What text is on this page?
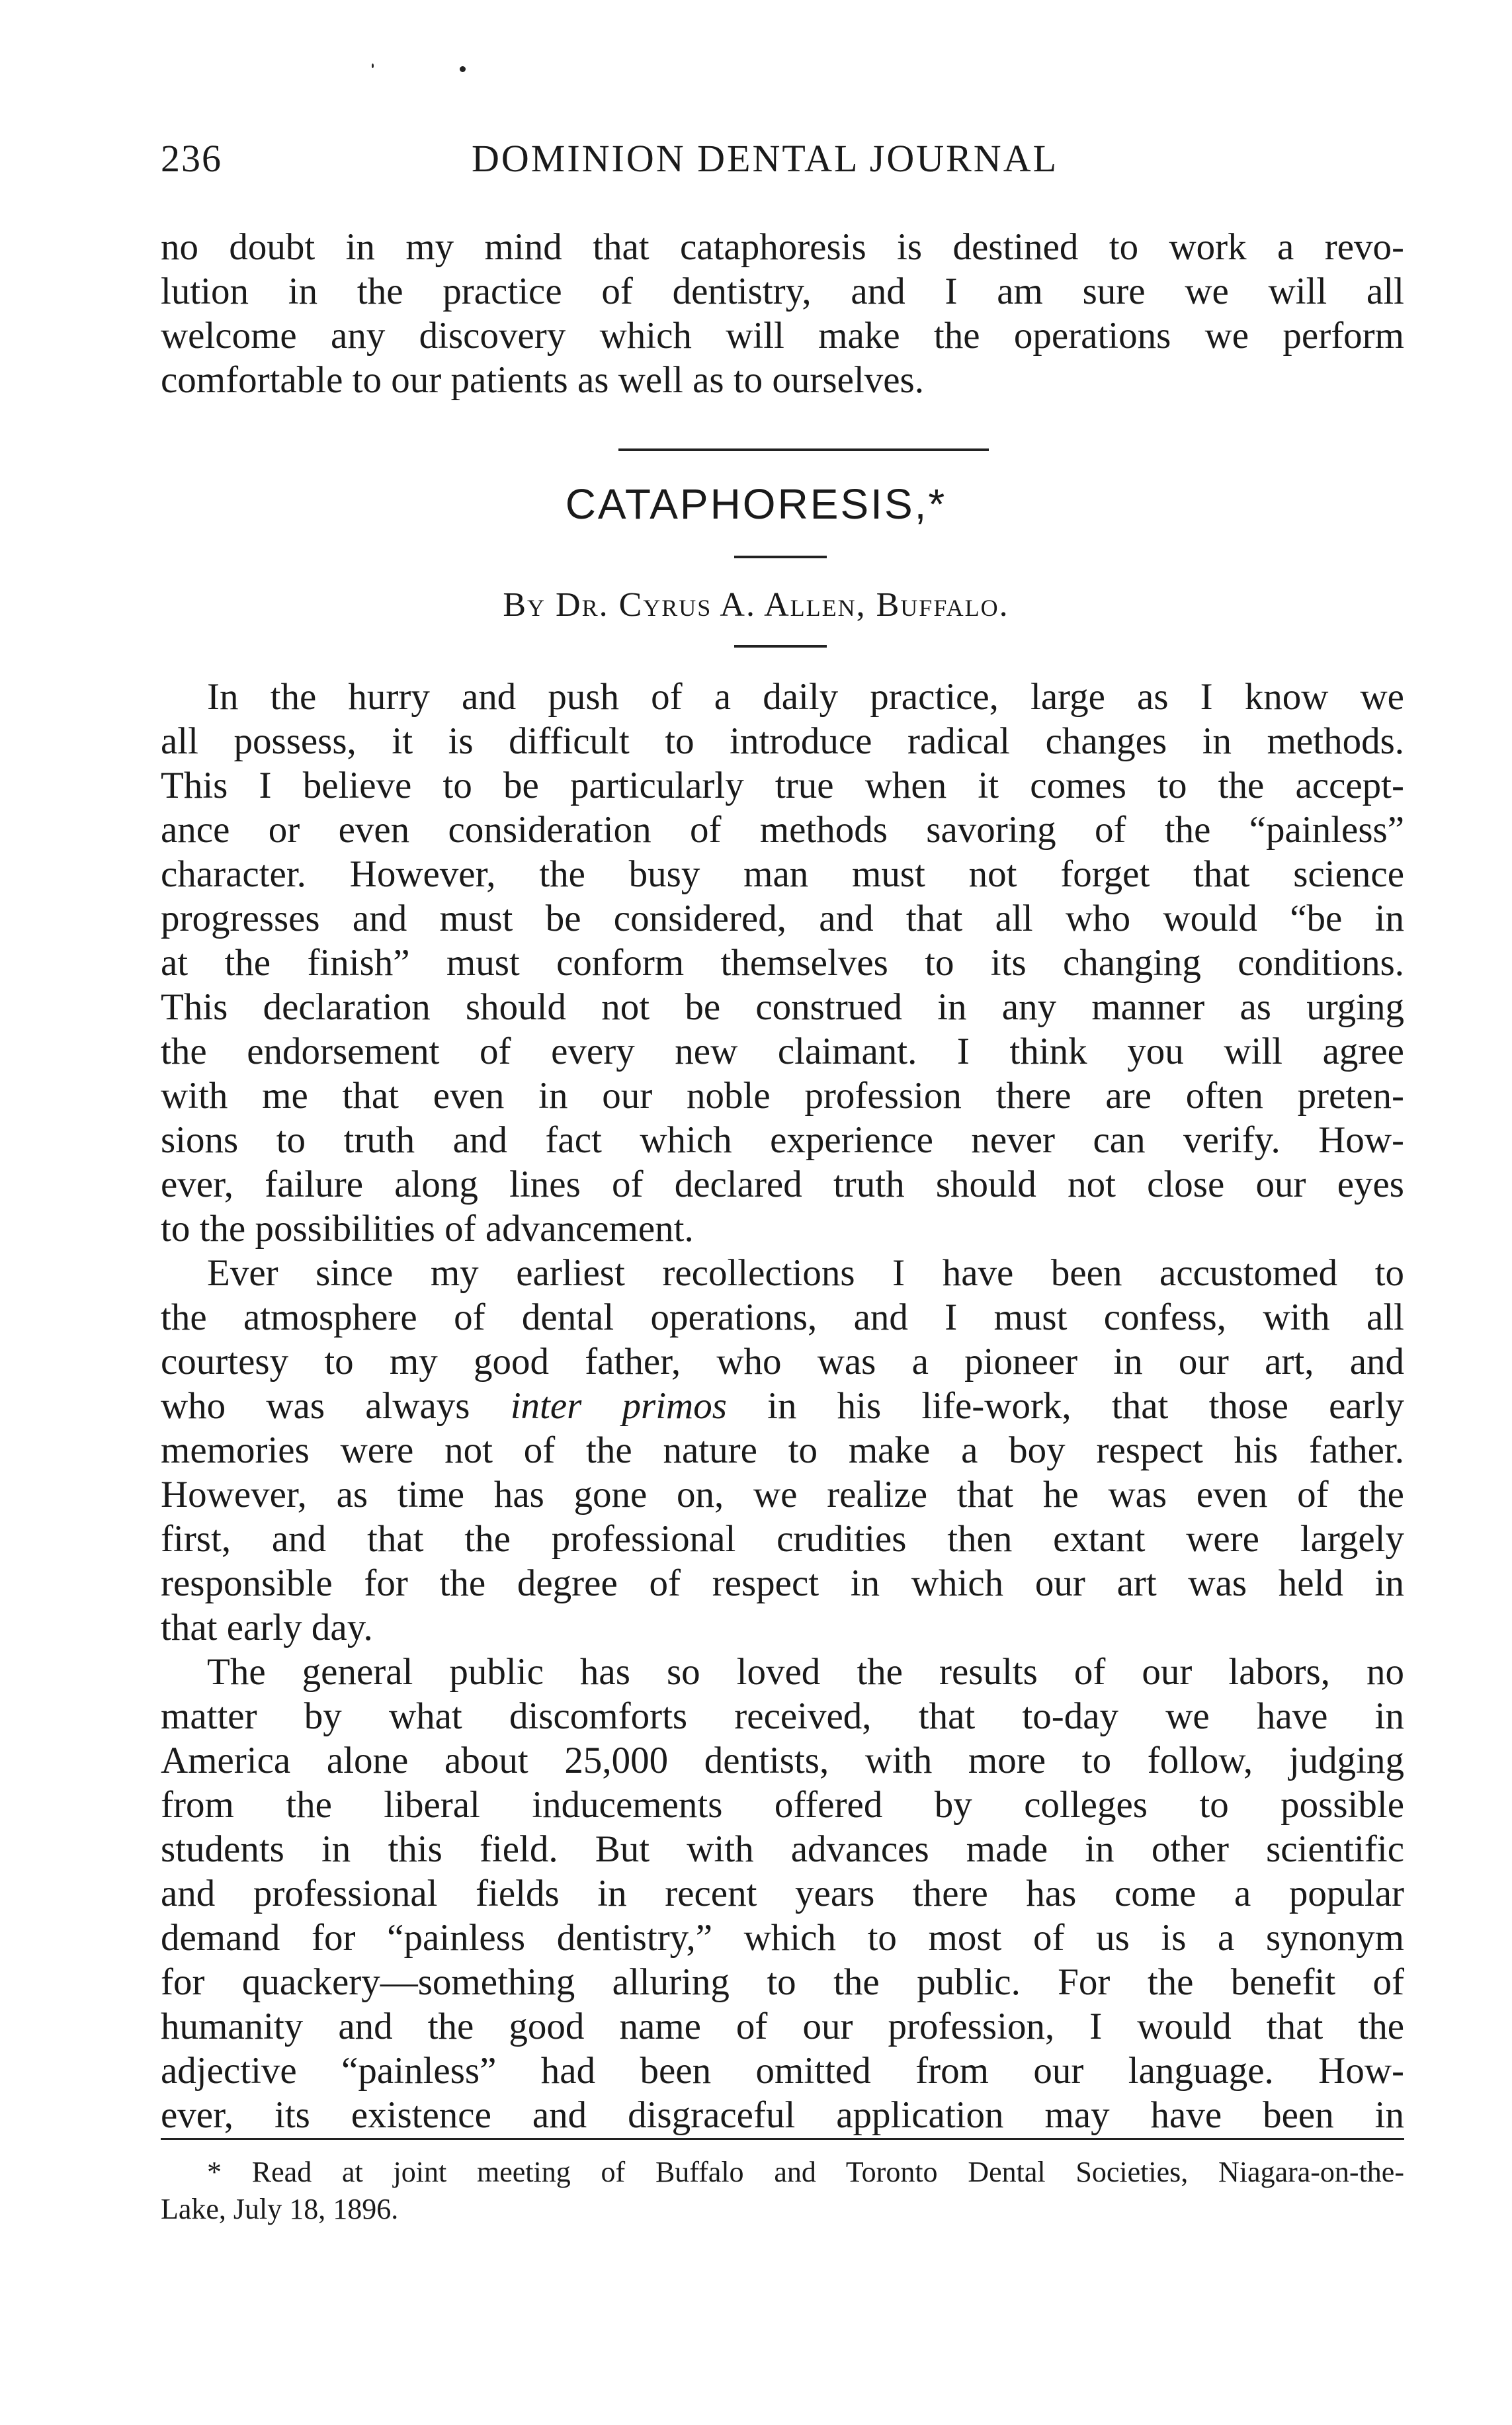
236	DOMINION DENTAL JOURNAL
no doubt in my mind that cataphoresis is destined to work a revo-
lution in the practice of dentistry, and I am sure we will all
welcome any discovery which will make the operations we perform
comfortable to our patients as well as to ourselves.
CATAPHORESIS,*
By Dr. Cyrus A. Allen, Buffalo.
In the hurry and push of a daily practice, large as I know we
all possess, it is difficult to introduce radical changes in methods.
This I believe to be particularly true when it comes to the accept-
ance or even consideration of methods savoring of the “painless”
character. However, the busy man must not forget that science
progresses and must be considered, and that all who would “be in
at the finish” must conform themselves to its changing conditions.
This declaration should not be construed in any manner as urging
the endorsement of every new claimant. I think you will agree
with me that even in our noble profession there are often preten-
sions to truth and fact which experience never can verify. How-
ever, failure along lines of declared truth should not close our eyes
to the possibilities of advancement.
Ever since my earliest recollections I have been accustomed to
the atmosphere of dental operations, and I must confess, with all
courtesy to my good father, who was a pioneer in our art, and
who was always inter primos in his life-work, that those early
memories were not of the nature to make a boy respect his father.
However, as time has gone on, we realize that he was even of the
first, and that the professional crudities then extant were largely
responsible for the degree of respect in which our art was held in
that early day.
The general public has so loved the results of our labors, no
matter by what discomforts received, that to-day we have in
America alone about 25,000 dentists, with more to follow, judging
from the liberal inducements offered by colleges to possible
students in this field. But with advances made in other scientific
and professional fields in recent years there has come a popular
demand for “painless dentistry,” which to most of us is a synonym
for quackery—something alluring to the public. For the benefit of
humanity and the good name of our profession, I would that the
adjective “painless” had been omitted from our language. How-
ever, its existence and disgraceful application may have been in
* Read at joint meeting of Buffalo and Toronto Dental Societies, Niagara-on-the-
Lake, July 18, 1896.
